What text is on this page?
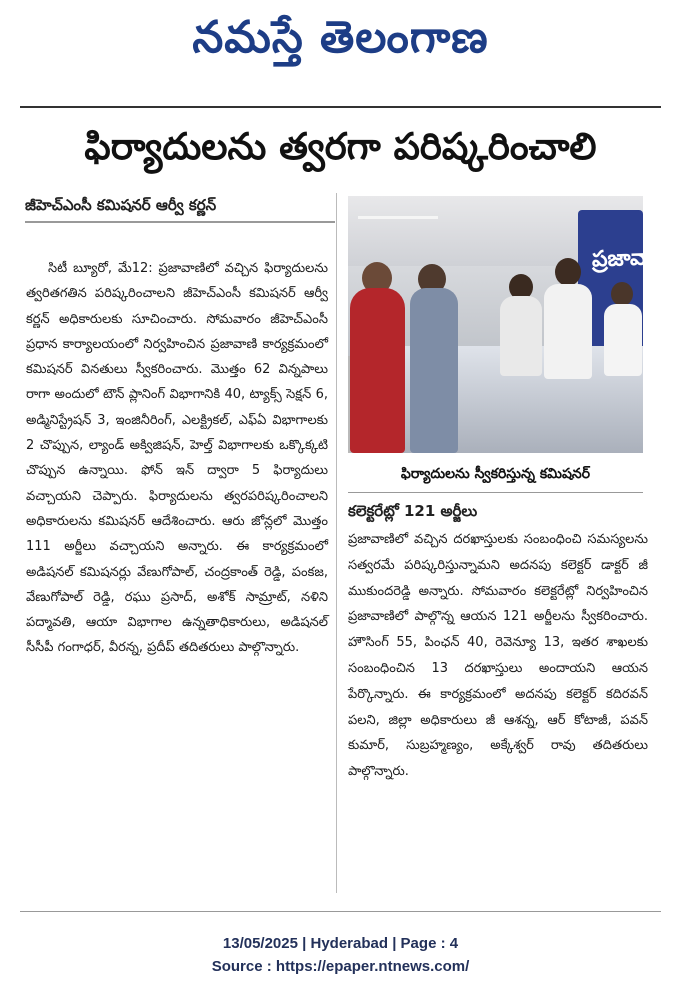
నమస్తే తెలంగాణ
ఫిర్యాదులను త్వరగా పరిష్కరించాలి
జీహెచ్ఎంసీ కమిషనర్ ఆర్వీ కర్ణన్
సిటీ బ్యూరో, మే12: ప్రజావాణిలో వచ్చిన ఫిర్యాదులను త్వరితగతిన పరిష్కరించాలని జీహెచ్ఎంసీ కమిషనర్ ఆర్వీ కర్ణన్ అధికారులకు సూచించారు. సోమవారం జీహెచ్ఎంసీ ప్రధాన కార్యాలయంలో నిర్వహించిన ప్రజావాణి కార్యక్రమంలో కమిషనర్ వినతులు స్వీకరించారు. మొత్తం 62 విన్నపాలు రాగా అందులో టౌన్ ప్లానింగ్ విభాగానికి 40, ట్యాక్స్ సెక్షన్ 6, అడ్మినిస్ట్రేషన్ 3, ఇంజినీరింగ్, ఎలక్ట్రికల్, ఎఫ్ఏ విభాగాలకు 2 చొప్పున, ల్యాండ్ అక్విజిషన్, హెల్త్ విభాగాలకు ఒక్కొక్కటి చొప్పున ఉన్నాయి. ఫోన్ ఇన్ ద్వారా 5 ఫిర్యాదులు వచ్చాయని చెప్పారు. ఫిర్యాదులను త్వరపరిష్కరించాలని అధికారులను కమిషనర్ ఆదేశించారు. ఆరు జోన్లలో మొత్తం 111 అర్జీలు వచ్చాయని అన్నారు. ఈ కార్యక్రమంలో అడిషనల్ కమిషనర్లు వేణుగోపాల్, చంద్రకాంత్ రెడ్డి, పంకజ, వేణుగోపాల్ రెడ్డి, రఘు ప్రసాద్, అశోక్ సామ్రాట్, నళిని పద్మావతి, ఆయా విభాగాల ఉన్నతాధికారులు, అడిషనల్ సీసీపీ గంగాధర్, వీరన్న, ప్రదీప్ తదితరులు పాల్గొన్నారు.
ప్రజావాణి
ఫిర్యాదులను స్వీకరిస్తున్న కమిషనర్
కలెక్టరేట్లో 121 అర్జీలు
ప్రజావాణిలో వచ్చిన దరఖాస్తులకు సంబంధించి సమస్యలను సత్వరమే పరిష్కరిస్తున్నామని అదనపు కలెక్టర్ డాక్టర్ జీ ముకుందరెడ్డి అన్నారు. సోమవారం కలెక్టరేట్లో నిర్వహించిన ప్రజావాణిలో పాల్గొన్న ఆయన 121 అర్జీలను స్వీకరించారు. హౌసింగ్ 55, పింఛన్ 40, రెవెన్యూ 13, ఇతర శాఖలకు సంబంధించిన 13 దరఖాస్తులు అందాయని ఆయన పేర్కొన్నారు. ఈ కార్యక్రమంలో అదనపు కలెక్టర్ కదిరవన్ పలని, జిల్లా అధికారులు జీ ఆశన్న, ఆర్ కోటాజీ, పవన్ కుమార్, సుబ్రహ్మణ్యం, అక్కేశ్వర్ రావు తదితరులు పాల్గొన్నారు.
13/05/2025 | Hyderabad | Page : 4
Source : https://epaper.ntnews.com/
